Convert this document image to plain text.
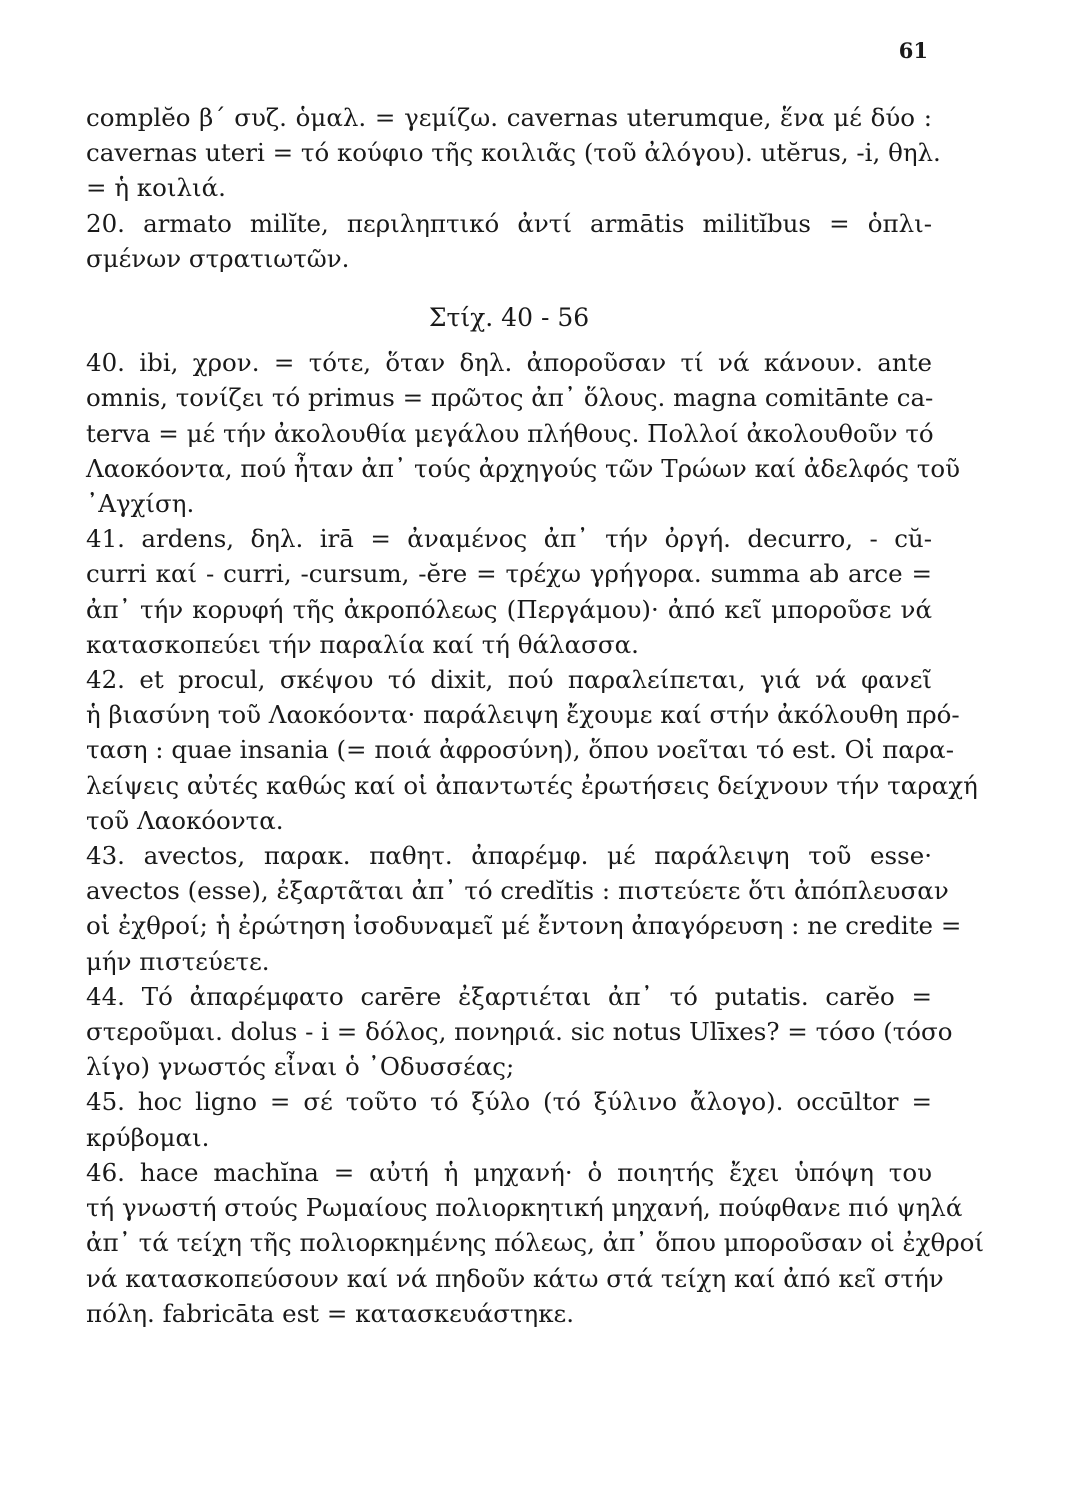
61
complĕo β΄ συζ. ὁμαλ. = γεμίζω. cavernas uterumque, ἕνα μέ δύο :
cavernas uteri = τό κούφιο τῆς κοιλιᾶς (τοῦ ἀλόγου). utĕrus, -i, θηλ.
= ἡ κοιλιά.
20. armato milĭte, περιληπτικό ἀντί armātis militĭbus = ὁπλι-
σμένων στρατιωτῶν.
Στίχ. 40 - 56
40. ibi, χρον. = τότε, ὅταν δηλ. ἀποροῦσαν τί νά κάνουν. ante
omnis, τονίζει τό primus = πρῶτος ἀπ᾽ ὅλους. magna comitānte ca-
terva = μέ τήν ἀκολουθία μεγάλου πλήθους. Πολλοί ἀκολουθοῦν τό
Λαοκόοντα, πού ἦταν ἀπ᾽ τούς ἀρχηγούς τῶν Τρώων καί ἀδελφός τοῦ
᾽Αγχίση.
41. ardens, δηλ. irā = ἀναμένος ἀπ᾽ τήν ὀργή. decurro, - cŭ-
curri καί - curri, -cursum, -ĕre = τρέχω γρήγορα. summa ab arce =
ἀπ᾽ τήν κορυφή τῆς ἀκροπόλεως (Περγάμου)· ἀπό κεῖ μποροῦσε νά
κατασκοπεύει τήν παραλία καί τή θάλασσα.
42. et procul, σκέψου τό dixit, πού παραλείπεται, γιά νά φανεῖ
ἡ βιασύνη τοῦ Λαοκόοντα· παράλειψη ἔχουμε καί στήν ἀκόλουθη πρό-
ταση : quae insania (= ποιά ἀφροσύνη), ὅπου νοεῖται τό est. Οἱ παρα-
λείψεις αὐτές καθώς καί οἱ ἀπαντωτές ἐρωτήσεις δείχνουν τήν ταραχή
τοῦ Λαοκόοντα.
43. avectos, παρακ. παθητ. ἀπαρέμφ. μέ παράλειψη τοῦ esse·
avectos (esse), ἐξαρτᾶται ἀπ᾽ τό credĭtis : πιστεύετε ὅτι ἀπόπλευσαν
οἱ ἐχθροί; ἡ ἐρώτηση ἰσοδυναμεῖ μέ ἔντονη ἀπαγόρευση : ne credite =
μήν πιστεύετε.
44. Τό ἀπαρέμφατο carēre ἐξαρτιέται ἀπ᾽ τό putatis. carĕo =
στεροῦμαι. dolus - i = δόλος, πονηριά. sic notus Ulīxes? = τόσο (τόσο
λίγο) γνωστός εἶναι ὁ ᾽Οδυσσέας;
45. hoc ligno = σέ τοῦτο τό ξύλο (τό ξύλινο ἄλογο). occūltor =
κρύβομαι.
46. hace machĭna = αὐτή ἡ μηχανή· ὁ ποιητής ἔχει ὑπόψη του
τή γνωστή στούς Ρωμαίους πολιορκητική μηχανή, πούφθανε πιό ψηλά
ἀπ᾽ τά τείχη τῆς πολιορκημένης πόλεως, ἀπ᾽ ὅπου μποροῦσαν οἱ ἐχθροί
νά κατασκοπεύσουν καί νά πηδοῦν κάτω στά τείχη καί ἀπό κεῖ στήν
πόλη. fabricāta est = κατασκευάστηκε.
